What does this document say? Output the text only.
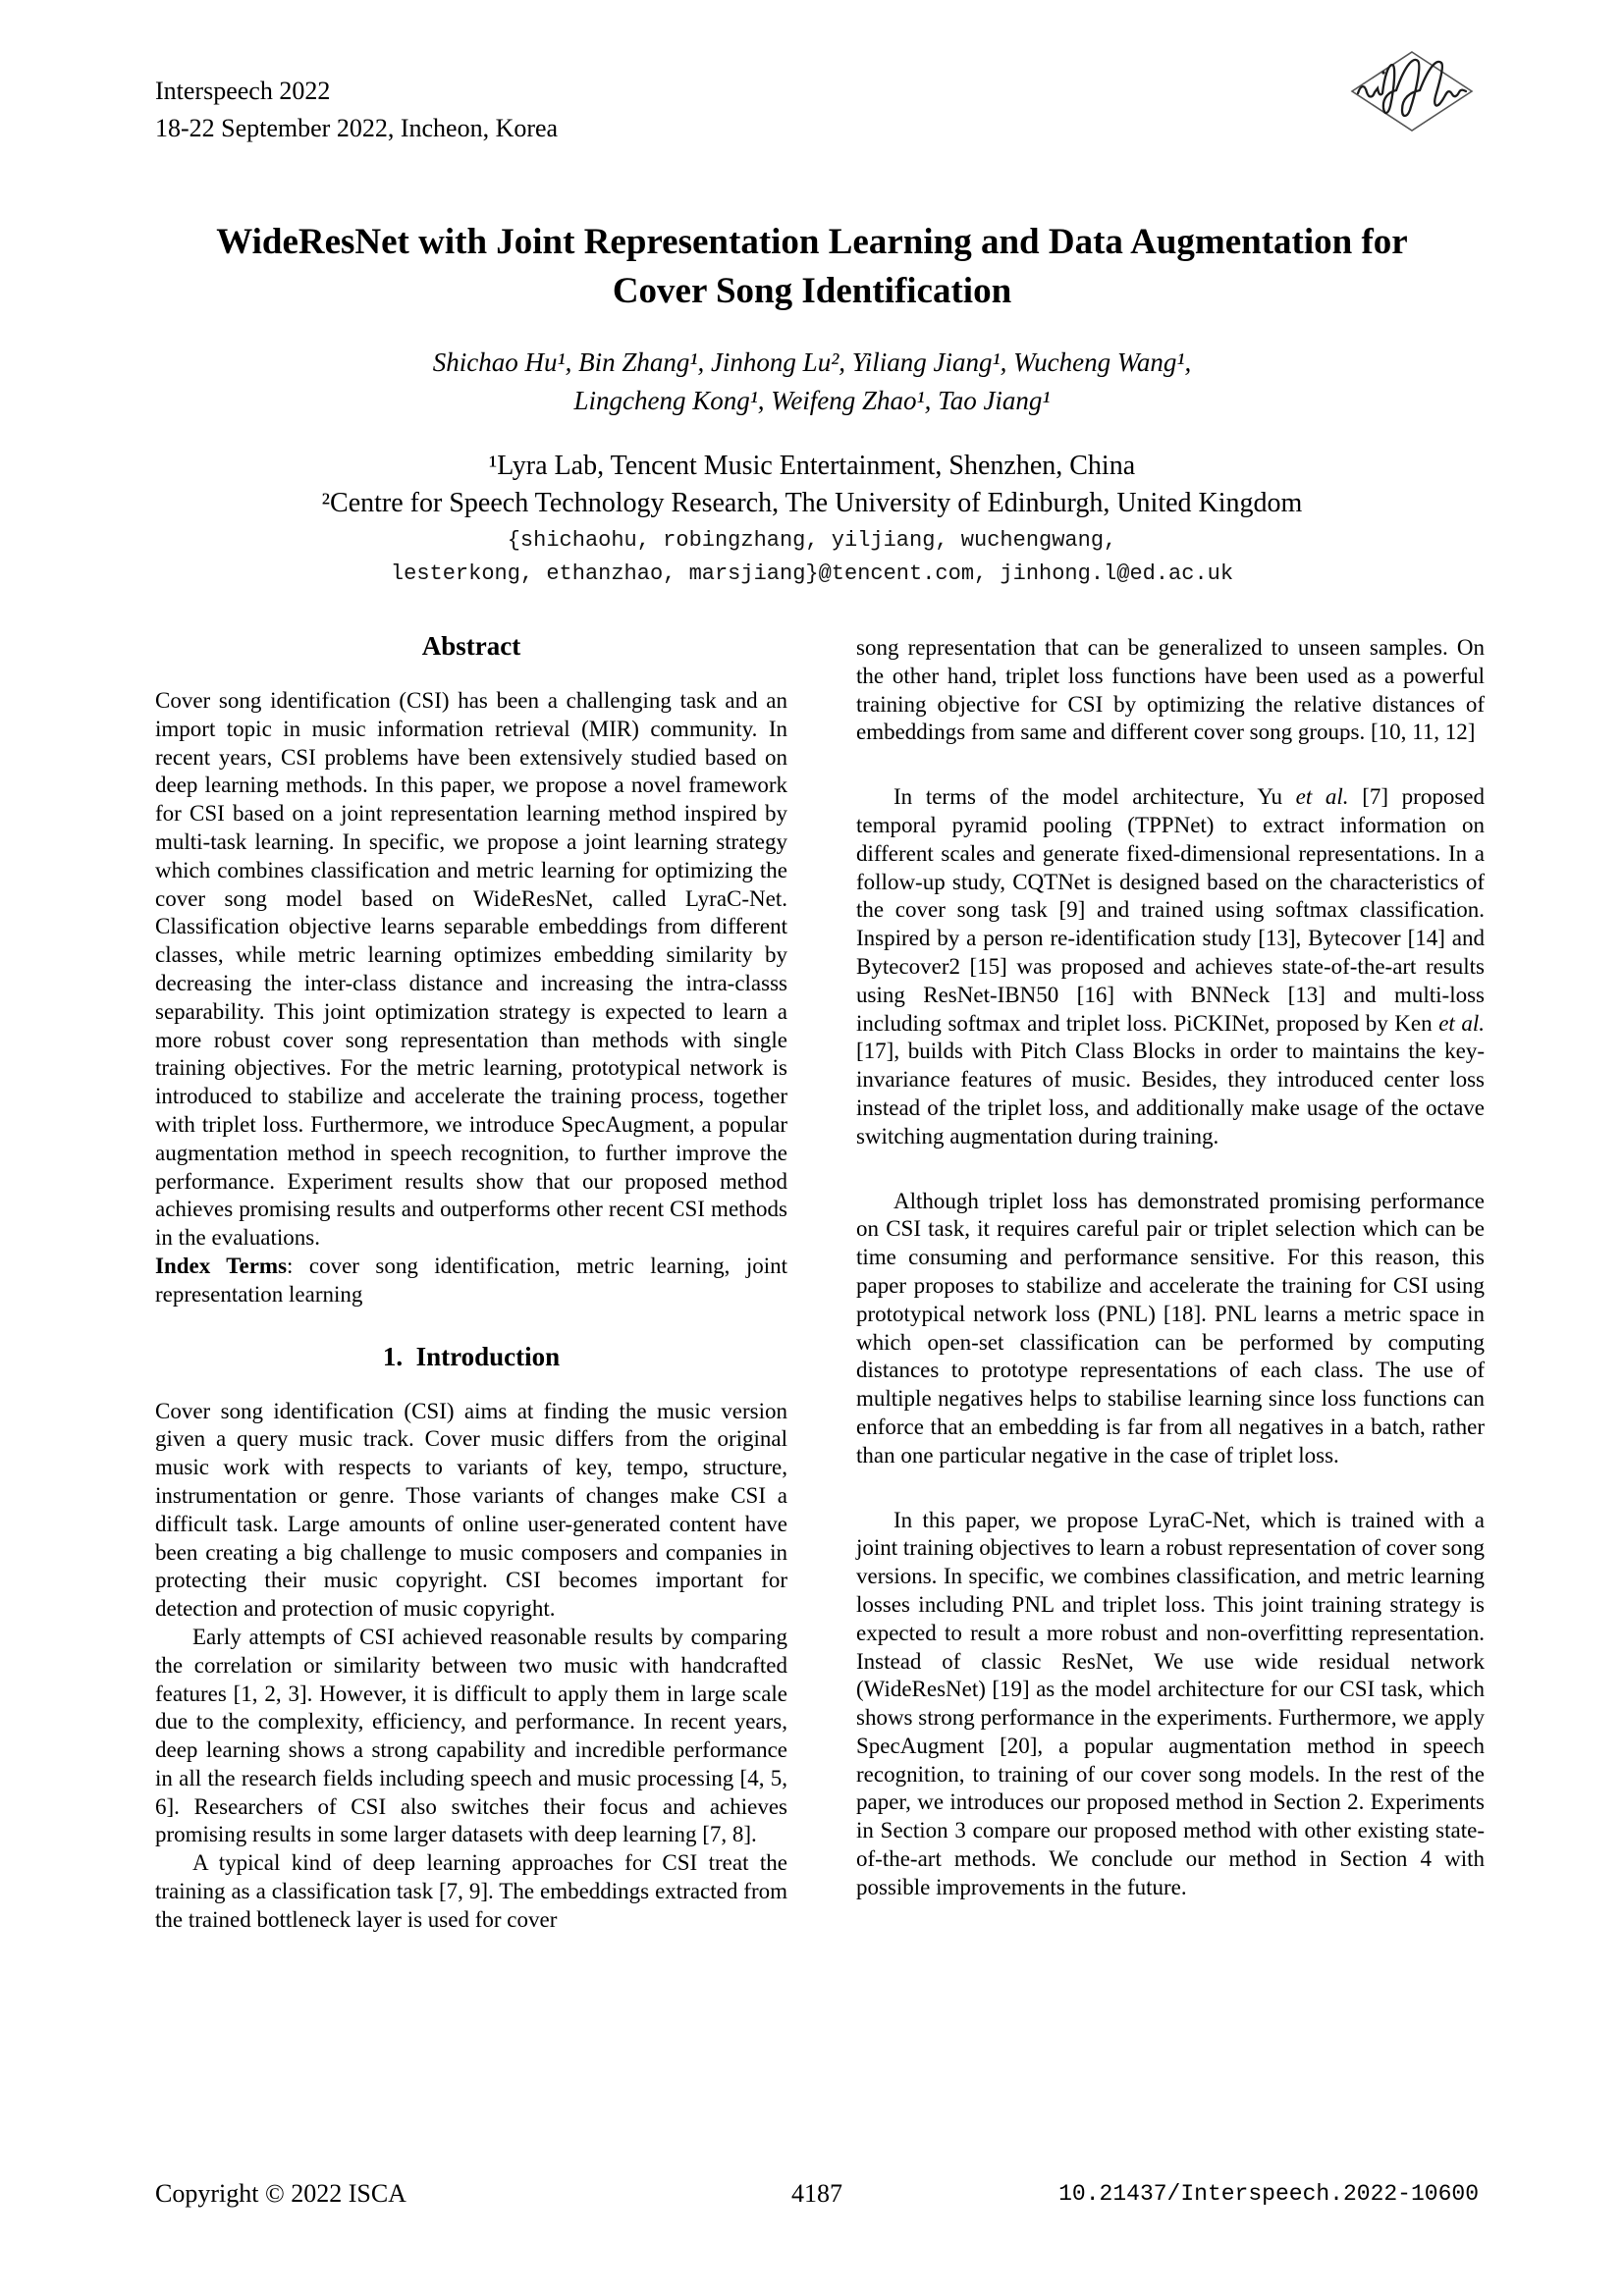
Interspeech 2022
18-22 September 2022, Incheon, Korea
WideResNet with Joint Representation Learning and Data Augmentation for
Cover Song Identification
Shichao Hu¹, Bin Zhang¹, Jinhong Lu², Yiliang Jiang¹, Wucheng Wang¹,
Lingcheng Kong¹, Weifeng Zhao¹, Tao Jiang¹
¹Lyra Lab, Tencent Music Entertainment, Shenzhen, China
²Centre for Speech Technology Research, The University of Edinburgh, United Kingdom
{shichaohu, robingzhang, yiljiang, wuchengwang,
lesterkong, ethanzhao, marsjiang}@tencent.com, jinhong.l@ed.ac.uk
Abstract

Cover song identification (CSI) has been a challenging task and an import topic in music information retrieval (MIR) community. In recent years, CSI problems have been extensively studied based on deep learning methods. In this paper, we propose a novel framework for CSI based on a joint representation learning method inspired by multi-task learning. In specific, we propose a joint learning strategy which combines classification and metric learning for optimizing the cover song model based on WideResNet, called LyraC-Net. Classification objective learns separable embeddings from different classes, while metric learning optimizes embedding similarity by decreasing the inter-class distance and increasing the intra-classs separability. This joint optimization strategy is expected to learn a more robust cover song representation than methods with single training objectives. For the metric learning, prototypical network is introduced to stabilize and accelerate the training process, together with triplet loss. Furthermore, we introduce SpecAugment, a popular augmentation method in speech recognition, to further improve the performance. Experiment results show that our proposed method achieves promising results and outperforms other recent CSI methods in the evaluations.

Index Terms: cover song identification, metric learning, joint representation learning

1.  Introduction

Cover song identification (CSI) aims at finding the music version given a query music track. Cover music differs from the original music work with respects to variants of key, tempo, structure, instrumentation or genre. Those variants of changes make CSI a difficult task. Large amounts of online user-generated content have been creating a big challenge to music composers and companies in protecting their music copyright. CSI becomes important for detection and protection of music copyright.

Early attempts of CSI achieved reasonable results by comparing the correlation or similarity between two music with handcrafted features [1, 2, 3]. However, it is difficult to apply them in large scale due to the complexity, efficiency, and performance. In recent years, deep learning shows a strong capability and incredible performance in all the research fields including speech and music processing [4, 5, 6]. Researchers of CSI also switches their focus and achieves promising results in some larger datasets with deep learning [7, 8].

A typical kind of deep learning approaches for CSI treat the training as a classification task [7, 9]. The embeddings extracted from the trained bottleneck layer is used for cover

song representation that can be generalized to unseen samples. On the other hand, triplet loss functions have been used as a powerful training objective for CSI by optimizing the relative distances of embeddings from same and different cover song groups. [10, 11, 12]

In terms of the model architecture, Yu et al. [7] proposed temporal pyramid pooling (TPPNet) to extract information on different scales and generate fixed-dimensional representations. In a follow-up study, CQTNet is designed based on the characteristics of the cover song task [9] and trained using softmax classification. Inspired by a person re-identification study [13], Bytecover [14] and Bytecover2 [15] was proposed and achieves state-of-the-art results using ResNet-IBN50 [16] with BNNeck [13] and multi-loss including softmax and triplet loss. PiCKINet, proposed by Ken et al. [17], builds with Pitch Class Blocks in order to maintains the key-invariance features of music. Besides, they introduced center loss instead of the triplet loss, and additionally make usage of the octave switching augmentation during training.

Although triplet loss has demonstrated promising performance on CSI task, it requires careful pair or triplet selection which can be time consuming and performance sensitive. For this reason, this paper proposes to stabilize and accelerate the training for CSI using prototypical network loss (PNL) [18]. PNL learns a metric space in which open-set classification can be performed by computing distances to prototype representations of each class. The use of multiple negatives helps to stabilise learning since loss functions can enforce that an embedding is far from all negatives in a batch, rather than one particular negative in the case of triplet loss.

In this paper, we propose LyraC-Net, which is trained with a joint training objectives to learn a robust representation of cover song versions. In specific, we combines classification, and metric learning losses including PNL and triplet loss. This joint training strategy is expected to result a more robust and non-overfitting representation. Instead of classic ResNet, We use wide residual network (WideResNet) [19] as the model architecture for our CSI task, which shows strong performance in the experiments. Furthermore, we apply SpecAugment [20], a popular augmentation method in speech recognition, to training of our cover song models. In the rest of the paper, we introduces our proposed method in Section 2. Experiments in Section 3 compare our proposed method with other existing state-of-the-art methods. We conclude our method in Section 4 with possible improvements in the future.

Copyright © 2022 ISCA	4187	10.21437/Interspeech.2022-10600
